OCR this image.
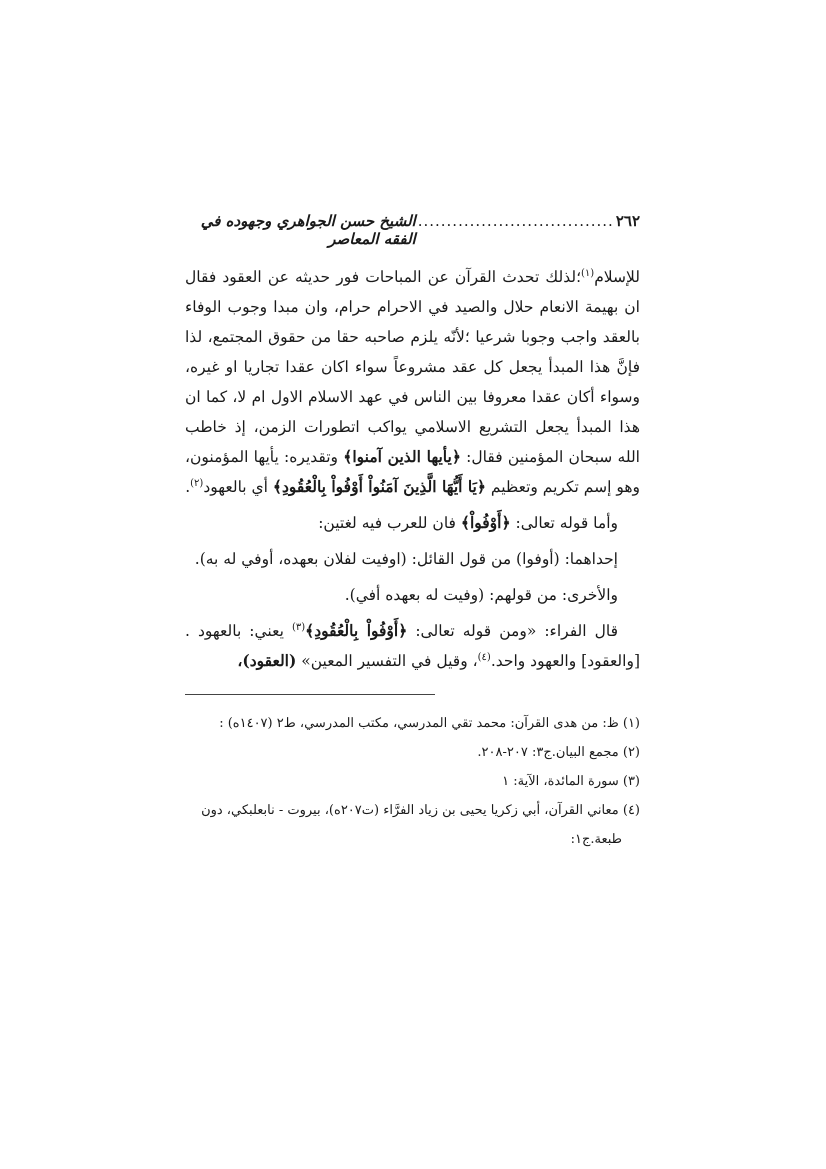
٢٦٢
..................................
الشيخ حسن الجواهري وجهوده في الفقه المعاصر

للإسلام$^{(١)}$؛لذلك تحدث القرآن عن المباحات فور حديثه عن العقود فقال ان بهيمة الانعام حلال والصيد في الاحرام حرام، وان مبدا وجوب الوفاء بالعقد واجب وجوبا شرعيا ؛لأنّه يلزم صاحبه حقا من حقوق المجتمع، لذا فإنَّ هذا المبدأ يجعل كل عقد مشروعاً سواء اكان عقدا تجاريا او غيره، وسواء أكان عقدا معروفا بين الناس في عهد الاسلام الاول ام لا، كما ان هذا المبدأ يجعل التشريع الاسلامي يواكب اتطورات الزمن، إذ خاطب الله سبحان المؤمنين فقال: ﴿يأيها الذين آمنوا﴾ وتقديره: يأيها المؤمنون، وهو إسم تكريم وتعظيم ﴿يَا أَيُّهَا الَّذِينَ آمَنُواْ أَوْفُواْ بِالْعُقُودِ﴾ أي بالعهود$^{(٢)}$.

وأما قوله تعالى: ﴿أَوْفُواْ﴾ فان للعرب فيه لغتين:

إحداهما: (أوفوا) من قول القائل: (اوفيت لفلان بعهده، أوفي له به).

والأخرى: من قولهم: (وفيت له بعهده أفي).

قال الفراء: «ومن قوله تعالى: ﴿أَوْفُواْ بِالْعُقُودِ﴾$^{(٣)}$ يعني: بالعهود . [والعقود] والعهود واحد.$^{(٤)}$، وقيل في التفسير المعين» (العقود)،

(١) ظ: من هدى القرآن: محمد تقي المدرسي، مكتب المدرسي، ط٢ (١٤٠٧ه) :

(٢) مجمع البيان.ج٣: ٢٠٧-٢٠٨.

(٣) سورة المائدة، الآية: ١

(٤) معاني القرآن، أبي زكريا يحيى بن زياد الفرَّاء (ت٢٠٧ه)، بيروت - نابعلبكي، دون

طبعة.ج١:
